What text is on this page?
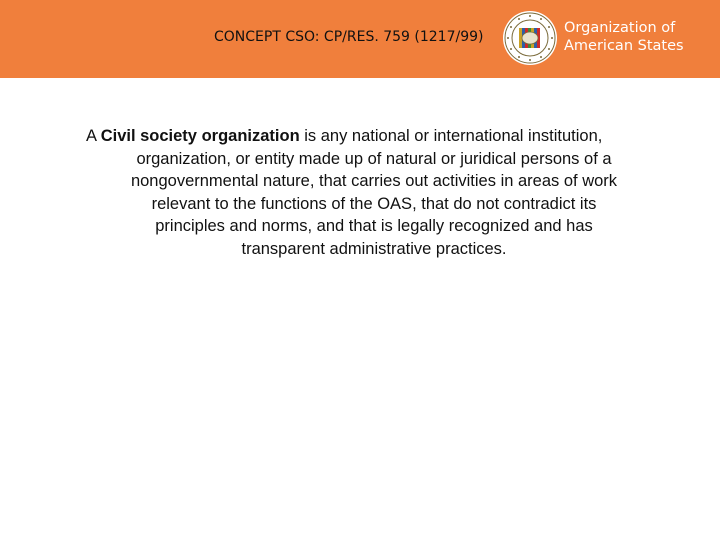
CONCEPT CSO: CP/RES. 759 (1217/99)
Organization of
American States
A Civil society organization is any national or international institution,
organization, or entity made up of natural or juridical persons of a
nongovernmental nature, that carries out activities in areas of work
relevant to the functions of the OAS, that do not contradict its
principles and norms, and that is legally recognized and has
transparent administrative practices.
